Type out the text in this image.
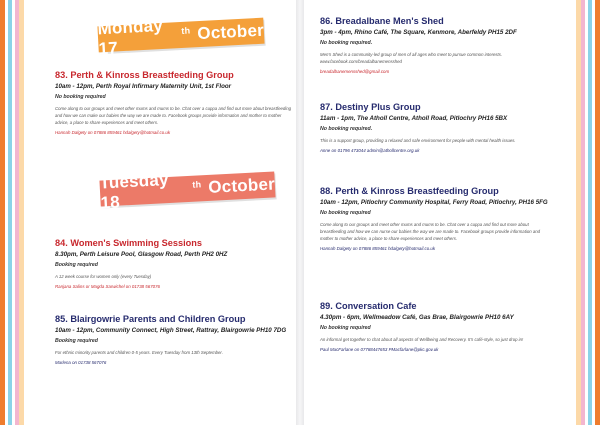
Monday 17
$^{th}$
October
83. Perth & Kinross Breastfeeding Group

10am - 12pm, Perth Royal Infirmary Maternity Unit, 1st Floor

No booking required

Come along to our groups and meet other mums and mums to be. Chat over a cuppa and find out more about breastfeeding and how we can make our babies the way we are made to. Facebook groups provide information and mother to mother advice, a place to share experiences and meet others.

Hannah Dalgety on 07886 859461 hdalgety@hotmail.co.uk

Tuesday 18
$^{th}$
October
84. Women's Swimming Sessions

8.30pm, Perth Leisure Pool, Glasgow Road, Perth PH2 0HZ

Booking required

A 12 week course for women only (every Tuesday)

Ranjana Salins or Magda Sarwichel on 01738 567076

85. Blairgowrie Parents and Children Group

10am - 12pm, Community Connect, High Street, Rattray, Blairgowrie PH10 7DG

Booking required

For ethnic minority parents and children 0-5 years. Every Tuesday from 13th September.

Marlena on 01738 567076

86. Breadalbane Men's Shed

3pm - 4pm, Rhino Café, The Square, Kenmore, Aberfeldy PH15 2DF

No booking required.

Men's Shed is a community-led group of men of all ages who meet to pursue common interests. www.facebook.com/breadalbanemensshed

breadalbanemensshed@gmail.com

87. Destiny Plus Group

11am - 1pm, The Atholl Centre, Atholl Road, Pitlochry PH16 5BX

No booking required.

This is a support group, providing a relaxed and safe environment for people with mental health issues.

Anne on 01796 473044 admin@athollcentre.org.uk

88. Perth & Kinross Breastfeeding Group

10am - 12pm, Pitlochry Community Hospital, Ferry Road, Pitlochry, PH16 5FG

No booking required

Come along to our groups and meet other mums and mums to be. Chat over a cuppa and find out more about breastfeeding and how we can nurse our babies the way we are made to. Facebook groups provide information and mother to mother advice, a place to share experiences and meet others.

Hannah Dalgety on 07886 859461 hdalgety@hotmail.co.uk

89. Conversation Cafe

4.30pm - 6pm, Wellmeadow Café, Gas Brae, Blairgowrie PH10 6AY

No booking required

An informal get together to chat about all aspects of Wellbeing and Recovery. It's café-style, so just drop in!

Paul MacFarlane on 07788447653 PMacfarlane@pkc.gov.uk
